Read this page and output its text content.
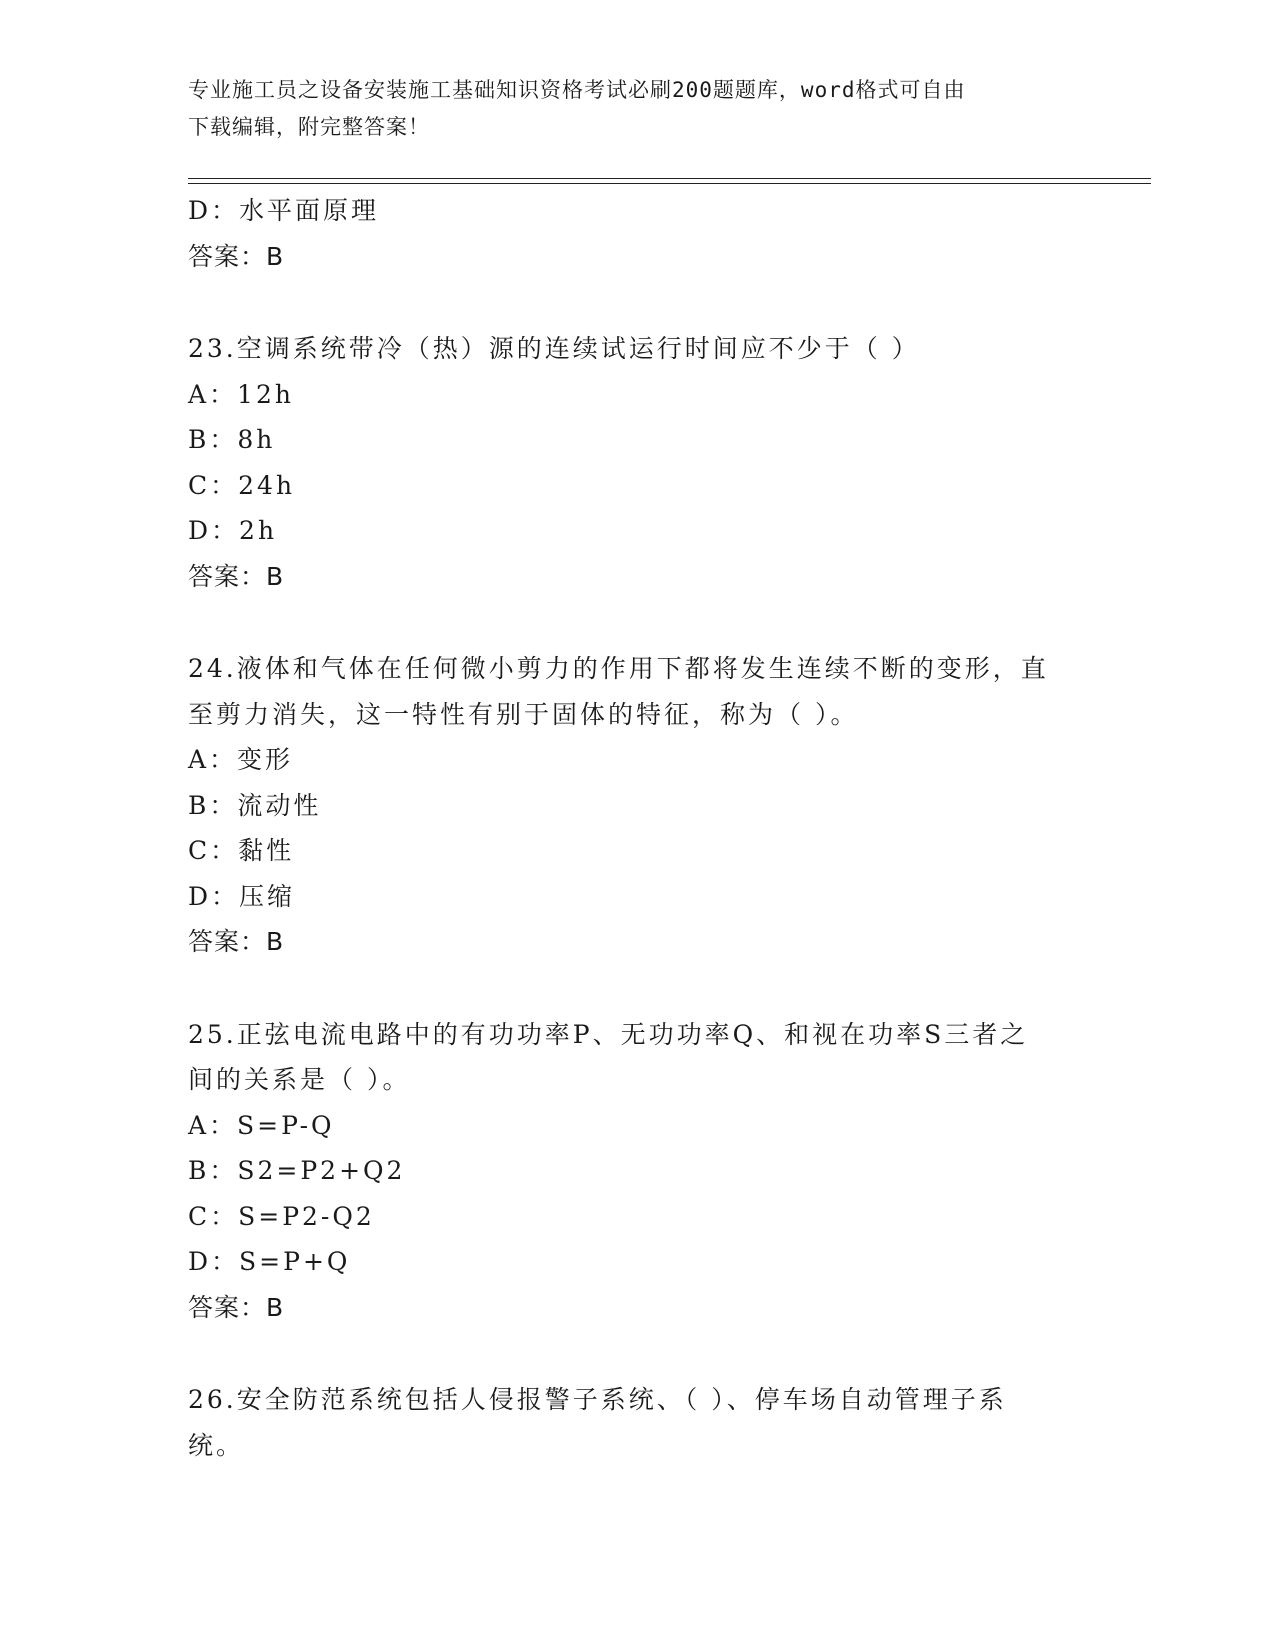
专业施工员之设备安装施工基础知识资格考试必刷200题题库，word格式可自由
下载编辑，附完整答案！
D：水平面原理
答案：B
23.空调系统带冷（热）源的连续试运行时间应不少于（ ）
A：12h
B：8h
C：24h
D：2h
答案：B
24.液体和气体在任何微小剪力的作用下都将发生连续不断的变形，直
至剪力消失，这一特性有别于固体的特征，称为（ ）。
A：变形
B：流动性
C：黏性
D：压缩
答案：B
25.正弦电流电路中的有功功率P、无功功率Q、和视在功率S三者之
间的关系是（ ）。
A：S=P-Q
B：S2=P2+Q2
C：S=P2-Q2
D：S=P+Q
答案：B
26.安全防范系统包括人侵报警子系统、（ ）、停车场自动管理子系
统。
